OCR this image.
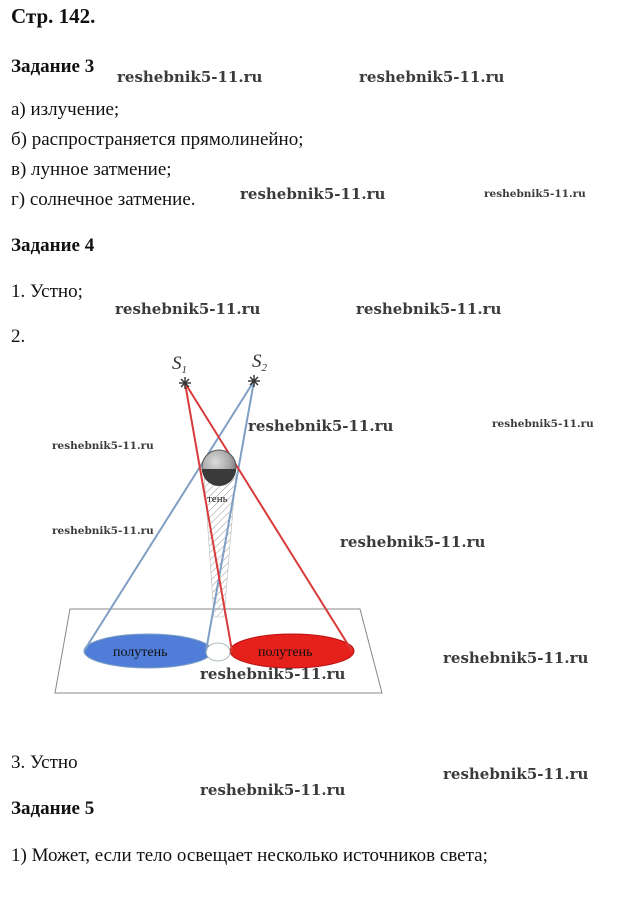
Стр. 142.
Задание 3
а) излучение;
б) распространяется прямолинейно;
в) лунное затмение;
г) солнечное затмение.
Задание 4
1. Устно;
2.
$S_1$	$S_2$
тень
полутень	полутень
3. Устно
Задание 5
1) Может, если тело освещает несколько источников света;
reshebnik5-11.ru	reshebnik5-11.ru
reshebnik5-11.ru	reshebnik5-11.ru
reshebnik5-11.ru	reshebnik5-11.ru
reshebnik5-11.ru	reshebnik5-11.ru
reshebnik5-11.ru
reshebnik5-11.ru
reshebnik5-11.ru
reshebnik5-11.ru
reshebnik5-11.ru
reshebnik5-11.ru
reshebnik5-11.ru
